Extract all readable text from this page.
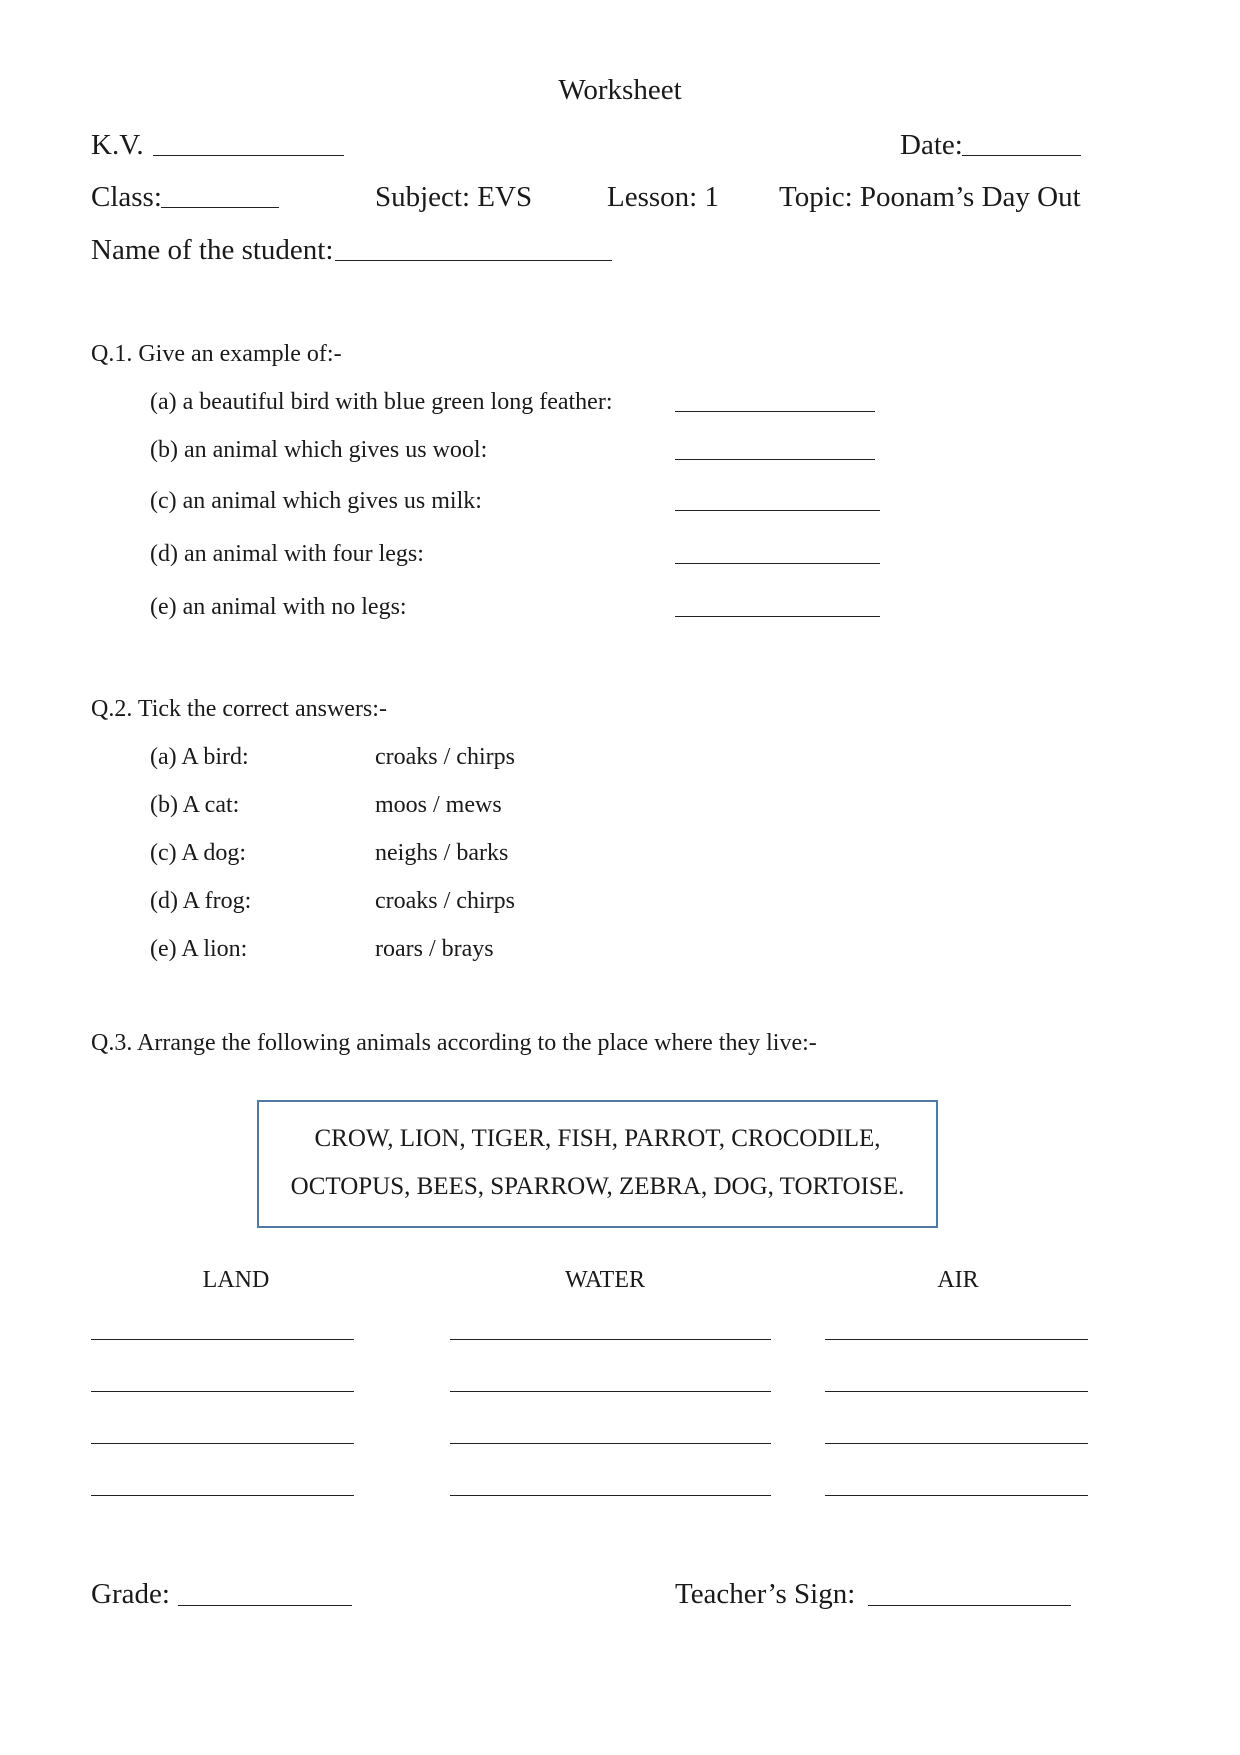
Worksheet
K.V.	Date:
Class:	Subject: EVS	Lesson: 1 Topic: Poonam’s Day Out
Name of the student:
Q.1. Give an example of:-
(a) a beautiful bird with blue green long feather:
(b) an animal which gives us wool:
(c) an animal which gives us milk:
(d) an animal with four legs:
(e) an animal with no legs:
Q.2. Tick the correct answers:-
(a) A bird:	croaks / chirps
(b) A cat:	moos / mews
(c) A dog:	neighs / barks
(d) A frog:	croaks / chirps
(e) A lion:	roars / brays
Q.3. Arrange the following animals according to the place where they live:-
CROW, LION, TIGER, FISH, PARROT, CROCODILE,
OCTOPUS, BEES, SPARROW, ZEBRA, DOG, TORTOISE.
LAND	WATER	AIR
Grade:	Teacher’s Sign:
